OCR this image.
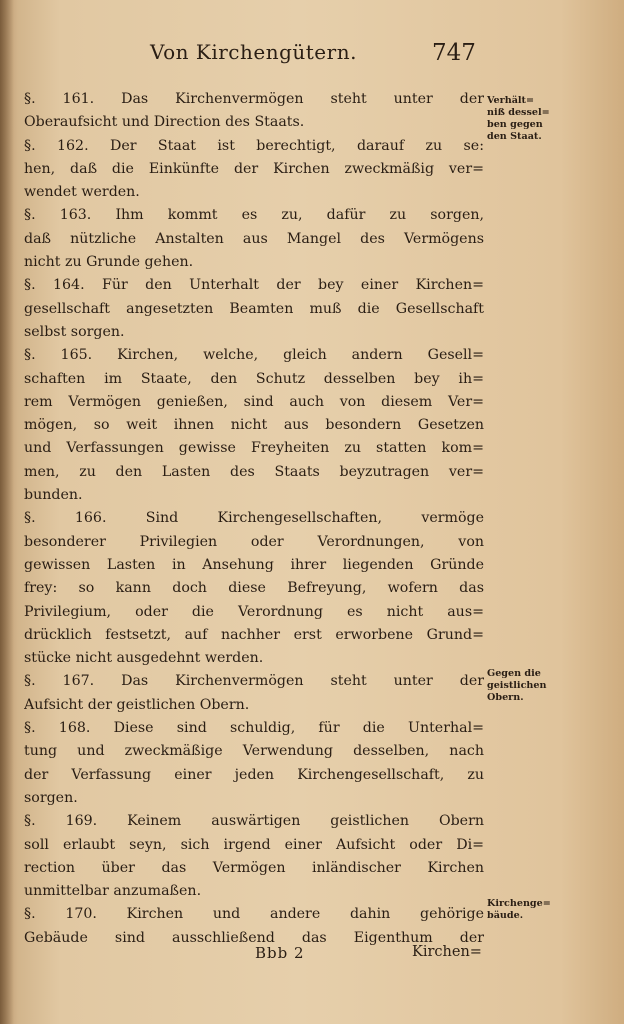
Von Kirchengütern.	747
§. 161. Das Kirchenvermögen steht unter der
Oberaufsicht und Direction des Staats.
§. 162. Der Staat ist berechtigt, darauf zu se:
hen, daß die Einkünfte der Kirchen zweckmäßig ver=
wendet werden.
§. 163. Ihm kommt es zu, dafür zu sorgen,
daß nützliche Anstalten aus Mangel des Vermögens
nicht zu Grunde gehen.
§. 164. Für den Unterhalt der bey einer Kirchen=
gesellschaft angesetzten Beamten muß die Gesellschaft
selbst sorgen.
§. 165. Kirchen, welche, gleich andern Gesell=
schaften im Staate, den Schutz desselben bey ih=
rem Vermögen genießen, sind auch von diesem Ver=
mögen, so weit ihnen nicht aus besondern Gesetzen
und Verfassungen gewisse Freyheiten zu statten kom=
men, zu den Lasten des Staats beyzutragen ver=
bunden.
§. 166. Sind Kirchengesellschaften, vermöge
besonderer Privilegien oder Verordnungen, von
gewissen Lasten in Ansehung ihrer liegenden Gründe
frey: so kann doch diese Befreyung, wofern das
Privilegium, oder die Verordnung es nicht aus=
drücklich festsetzt, auf nachher erst erworbene Grund=
stücke nicht ausgedehnt werden.
§. 167. Das Kirchenvermögen steht unter der
Aufsicht der geistlichen Obern.
§. 168. Diese sind schuldig, für die Unterhal=
tung und zweckmäßige Verwendung desselben, nach
der Verfassung einer jeden Kirchengesellschaft, zu
sorgen.
§. 169. Keinem auswärtigen geistlichen Obern
soll erlaubt seyn, sich irgend einer Aufsicht oder Di=
rection über das Vermögen inländischer Kirchen
unmittelbar anzumaßen.
§. 170. Kirchen und andere dahin gehörige
Gebäude sind ausschließend das Eigenthum der
Verhält=
niß dessel=
ben gegen
den Staat.
Gegen die
geistlichen
Obern.
Kirchenge=
bäude.
Bbb 2	Kirchen=
